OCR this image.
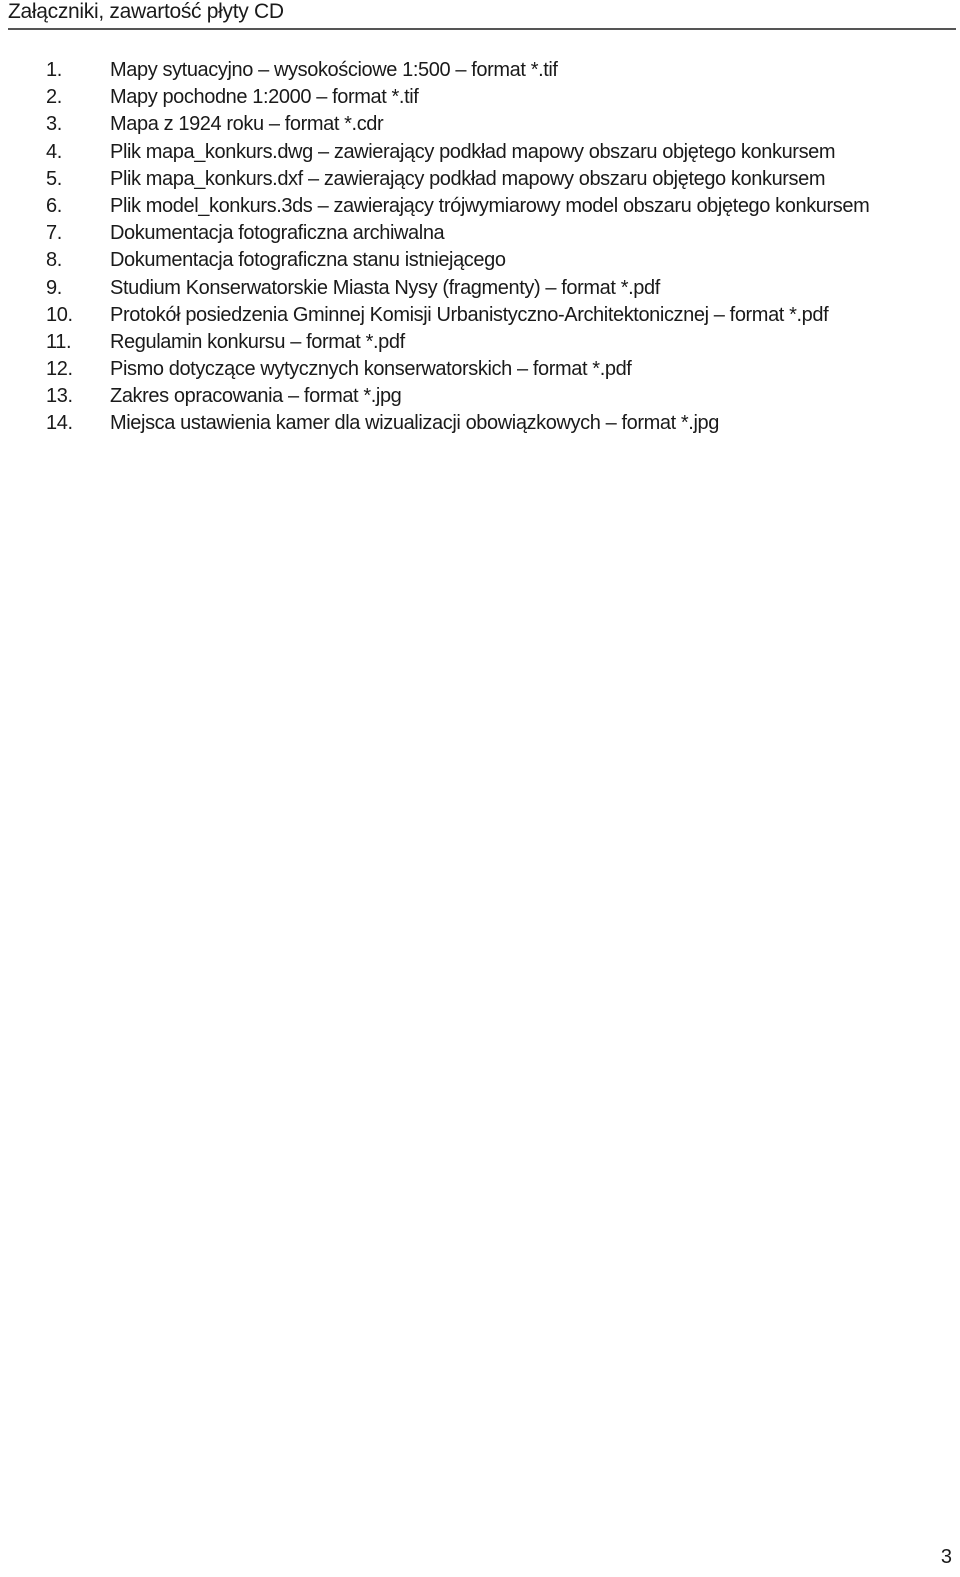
Załączniki, zawartość płyty CD
1. Mapy sytuacyjno – wysokościowe 1:500 – format *.tif
2. Mapy pochodne 1:2000 – format *.tif
3. Mapa z 1924 roku – format *.cdr
4. Plik mapa_konkurs.dwg – zawierający podkład mapowy obszaru objętego konkursem
5. Plik mapa_konkurs.dxf – zawierający podkład mapowy obszaru objętego konkursem
6. Plik model_konkurs.3ds – zawierający trójwymiarowy model obszaru objętego konkursem
7. Dokumentacja fotograficzna archiwalna
8. Dokumentacja fotograficzna stanu istniejącego
9. Studium Konserwatorskie Miasta Nysy (fragmenty) – format *.pdf
10. Protokół posiedzenia Gminnej Komisji Urbanistyczno-Architektonicznej – format *.pdf
11. Regulamin konkursu – format *.pdf
12. Pismo dotyczące wytycznych konserwatorskich – format *.pdf
13. Zakres opracowania – format *.jpg
14. Miejsca ustawienia kamer dla wizualizacji obowiązkowych – format *.jpg
3
